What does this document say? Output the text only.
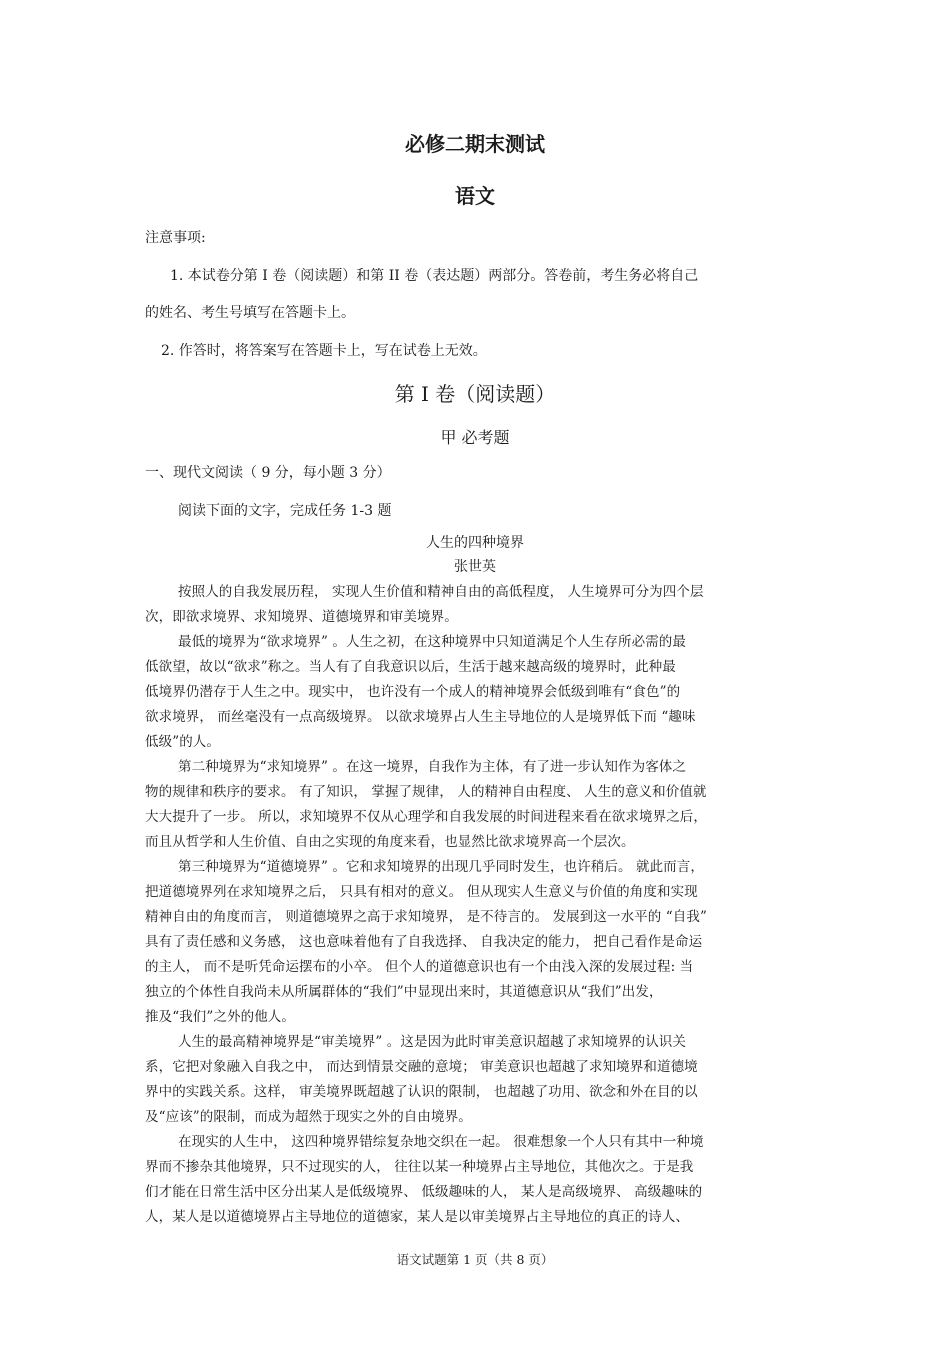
必修二期末测试
语文
注意事项:
1. 本试卷分第 I 卷（阅读题）和第 II 卷（表达题）两部分。答卷前，考生务必将自己
的姓名、考生号填写在答题卡上。
2. 作答时，将答案写在答题卡上，写在试卷上无效。
第 I 卷（阅读题）
甲 必考题
一、现代文阅读（ 9 分，每小题 3 分）
阅读下面的文字，完成任务 1-3 题
人生的四种境界
张世英
按照人的自我发展历程， 实现人生价值和精神自由的高低程度， 人生境界可分为四个层
次，即欲求境界、求知境界、道德境界和审美境界。
最低的境界为“欲求境界” 。人生之初，在这种境界中只知道满足个人生存所必需的最
低欲望，故以“欲求”称之。当人有了自我意识以后，生活于越来越高级的境界时，此种最
低境界仍潜存于人生之中。现实中， 也许没有一个成人的精神境界会低级到唯有“食色”的
欲求境界， 而丝毫没有一点高级境界。 以欲求境界占人生主导地位的人是境界低下而 “趣味
低级”的人。
第二种境界为“求知境界” 。在这一境界，自我作为主体，有了进一步认知作为客体之
物的规律和秩序的要求。 有了知识， 掌握了规律， 人的精神自由程度、 人生的意义和价值就
大大提升了一步。 所以，求知境界不仅从心理学和自我发展的时间进程来看在欲求境界之后，
而且从哲学和人生价值、自由之实现的角度来看，也显然比欲求境界高一个层次。
第三种境界为“道德境界” 。它和求知境界的出现几乎同时发生，也许稍后。 就此而言，
把道德境界列在求知境界之后， 只具有相对的意义。 但从现实人生意义与价值的角度和实现
精神自由的角度而言， 则道德境界之高于求知境界， 是不待言的。 发展到这一水平的 “自我”
具有了责任感和义务感， 这也意味着他有了自我选择、 自我决定的能力， 把自己看作是命运
的主人， 而不是听凭命运摆布的小卒。 但个人的道德意识也有一个由浅入深的发展过程: 当
独立的个体性自我尚未从所属群体的“我们”中显现出来时，其道德意识从“我们”出发，
推及“我们”之外的他人。
人生的最高精神境界是“审美境界” 。这是因为此时审美意识超越了求知境界的认识关
系，它把对象融入自我之中， 而达到情景交融的意境； 审美意识也超越了求知境界和道德境
界中的实践关系。这样， 审美境界既超越了认识的限制， 也超越了功用、欲念和外在目的以
及“应该”的限制，而成为超然于现实之外的自由境界。
在现实的人生中， 这四种境界错综复杂地交织在一起。 很难想象一个人只有其中一种境
界而不掺杂其他境界，只不过现实的人， 往往以某一种境界占主导地位，其他次之。于是我
们才能在日常生活中区分出某人是低级境界、 低级趣味的人， 某人是高级境界、 高级趣味的
人，某人是以道德境界占主导地位的道德家，某人是以审美境界占主导地位的真正的诗人、
语文试题第 1 页（共 8 页）
